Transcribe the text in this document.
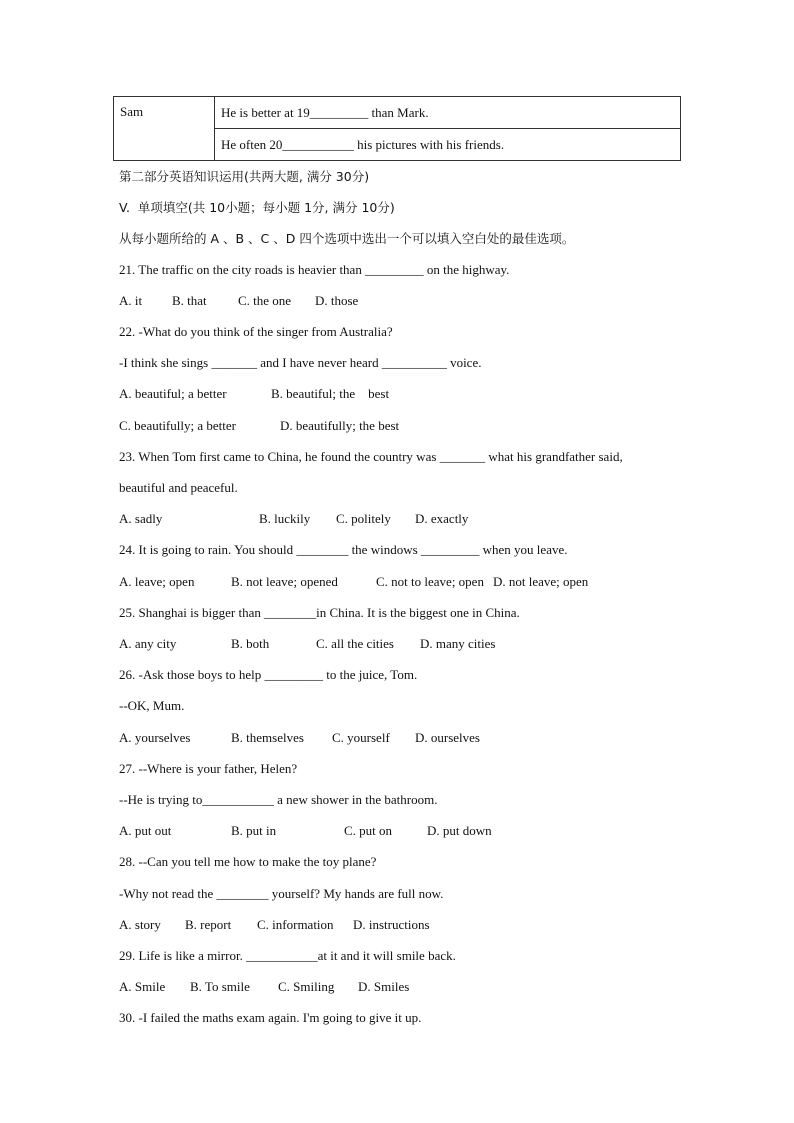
Sam	He is better at 19_________ than Mark.
He often 20___________ his pictures with his friends.
第二部分英语知识运用(共两大题, 满分 30分)
V.  单项填空(共 10小题；每小题 1分, 满分 10分)
从每小题所给的 A 、B 、C 、D 四个选项中选出一个可以填入空白处的最佳选项。
21. The traffic on the city roads is heavier than _________ on the highway.

A. it

B. that

C. the one

D. those

22. -What do you think of the singer from Australia?
-I think she sings _______ and I have never heard __________ voice.

A. beautiful; a better

	B. beautiful; the    best

C. beautifully; a better

	D. beautifully; the best

23. When Tom first came to China, he found the country was _______ what his grandfather said,
beautiful and peaceful.

A. sadly

	B. luckily

C. politely

D. exactly

24. It is going to rain. You should ________ the windows _________ when you leave.

A. leave; open

	B. not leave; opened

	C. not to leave; open

D. not leave; open

25. Shanghai is bigger than ________in China. It is the biggest one in China.

A. any city

	B. both

	C. all the cities

D. many cities

26. -Ask those boys to help _________ to the juice, Tom.
--OK, Mum.

A. yourselves

	B. themselves

C. yourself

D. ourselves

27. --Where is your father, Helen?
--He is trying to___________ a new shower in the bathroom.

A. put out

	B. put in

	C. put on

	D. put down

28. --Can you tell me how to make the toy plane?
-Why not read the ________ yourself? My hands are full now.

A. story

B. report

C. information

D. instructions

29. Life is like a mirror. ___________at it and it will smile back.

A. Smile

B. To smile

C. Smiling

D. Smiles

30. -I failed the maths exam again. I'm going to give it up.
